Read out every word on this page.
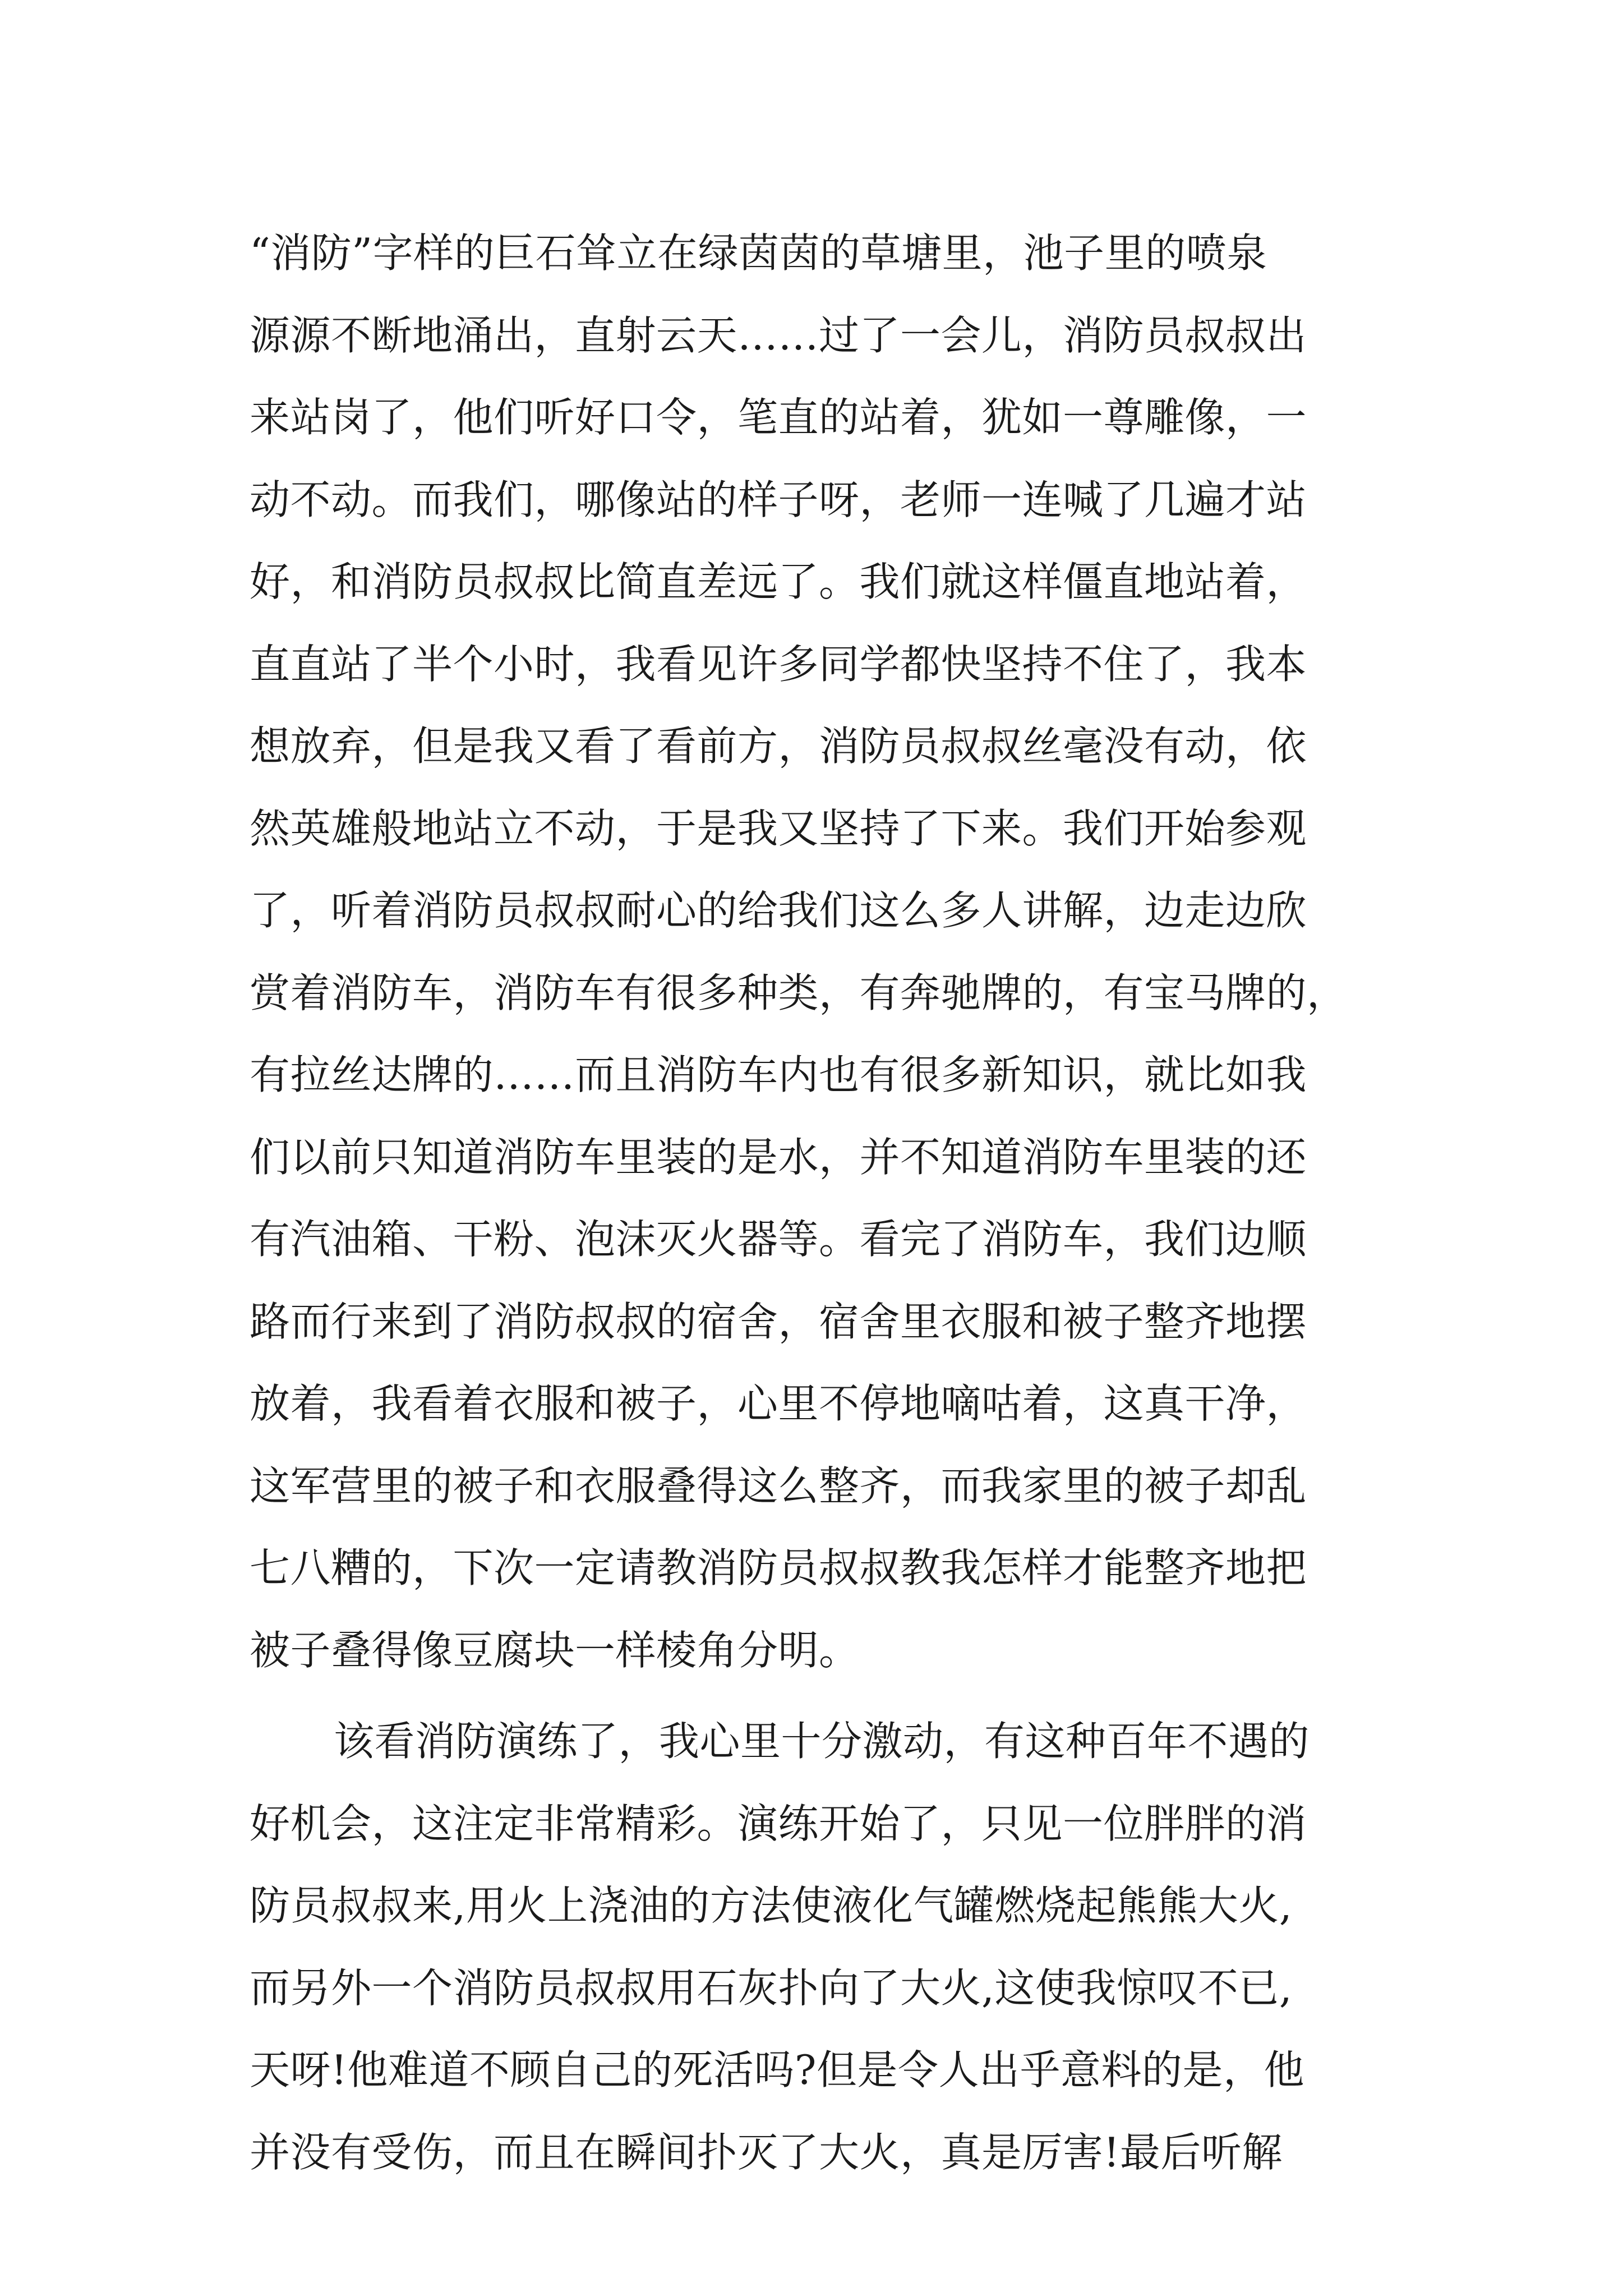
“消防”字样的巨石耸立在绿茵茵的草塘里，池子里的喷泉
源源不断地涌出，直射云天……过了一会儿，消防员叔叔出
来站岗了，他们听好口令，笔直的站着，犹如一尊雕像，一
动不动。而我们，哪像站的样子呀，老师一连喊了几遍才站
好，和消防员叔叔比简直差远了。我们就这样僵直地站着，
直直站了半个小时，我看见许多同学都快坚持不住了，我本
想放弃，但是我又看了看前方，消防员叔叔丝毫没有动，依
然英雄般地站立不动，于是我又坚持了下来。我们开始参观
了，听着消防员叔叔耐心的给我们这么多人讲解，边走边欣
赏着消防车，消防车有很多种类，有奔驰牌的，有宝马牌的，
有拉丝达牌的……而且消防车内也有很多新知识，就比如我
们以前只知道消防车里装的是水，并不知道消防车里装的还
有汽油箱、干粉、泡沫灭火器等。看完了消防车，我们边顺
路而行来到了消防叔叔的宿舍，宿舍里衣服和被子整齐地摆
放着，我看着衣服和被子，心里不停地嘀咕着，这真干净，
这军营里的被子和衣服叠得这么整齐，而我家里的被子却乱
七八糟的，下次一定请教消防员叔叔教我怎样才能整齐地把
被子叠得像豆腐块一样棱角分明。
该看消防演练了，我心里十分激动，有这种百年不遇的
好机会，这注定非常精彩。演练开始了，只见一位胖胖的消
防员叔叔来,用火上浇油的方法使液化气罐燃烧起熊熊大火,
而另外一个消防员叔叔用石灰扑向了大火,这使我惊叹不已,
天呀!他难道不顾自己的死活吗?但是令人出乎意料的是，他
并没有受伤，而且在瞬间扑灭了大火，真是厉害!最后听解
